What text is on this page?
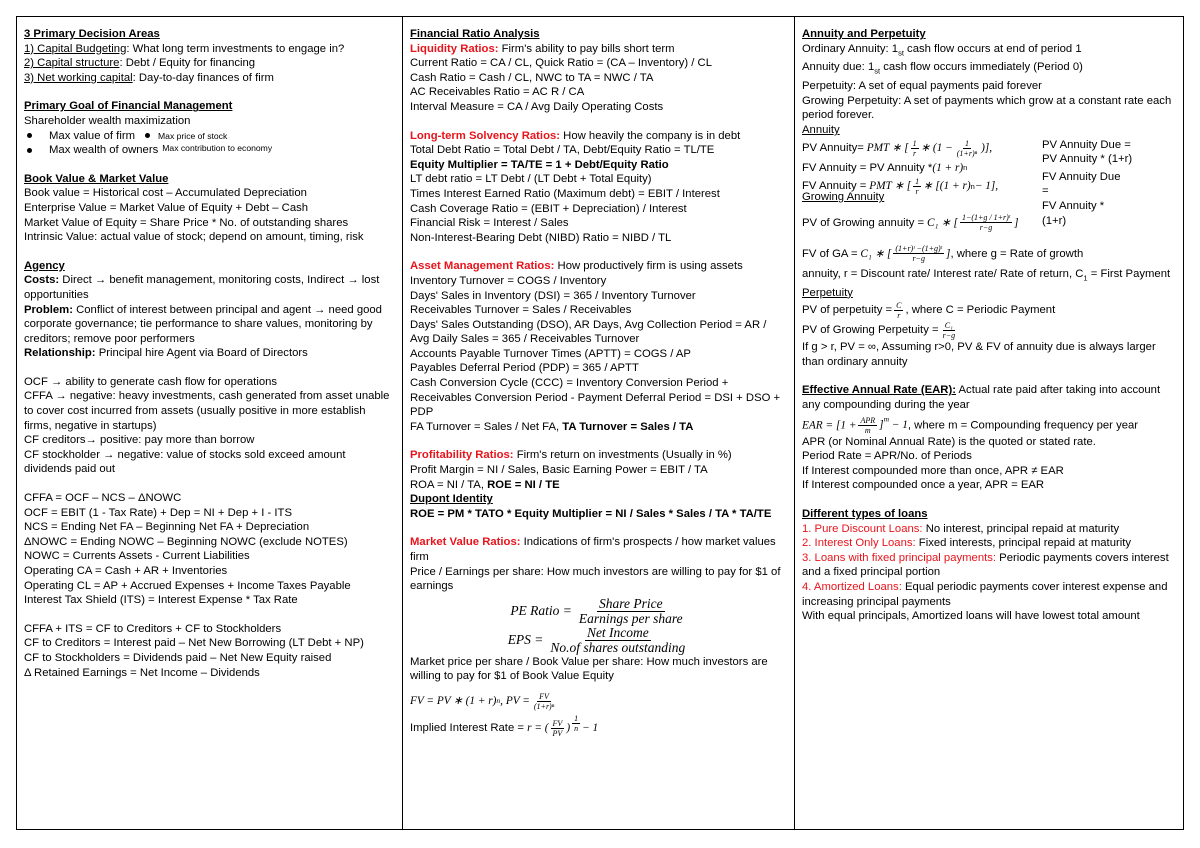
3 Primary Decision Areas
1) Capital Budgeting: What long term investments to engage in?
2) Capital structure: Debt / Equity for financing
3) Net working capital: Day-to-day finances of firm
Primary Goal of Financial Management
Shareholder wealth maximization
Max value of firm	Max price of stock
Max wealth of owners Max contribution to economy
Book Value & Market Value
Book value = Historical cost – Accumulated Depreciation
Enterprise Value = Market Value of Equity + Debt – Cash
Market Value of Equity = Share Price * No. of outstanding shares
Intrinsic Value: actual value of stock; depend on amount, timing, risk
Agency
Costs: Direct → benefit management, monitoring costs, Indirect → lost opportunities
Problem: Conflict of interest between principal and agent → need good corporate governance; tie performance to share values, monitoring by creditors; remove poor performers
Relationship: Principal hire Agent via Board of Directors
OCF → ability to generate cash flow for operations
CFFA → negative: heavy investments, cash generated from asset unable to cover cost incurred from assets (usually positive in more establish firms, negative in startups)
CF creditors→ positive: pay more than borrow
CF stockholder → negative: value of stocks sold exceed amount dividends paid out
CFFA = OCF – NCS – ΔNOWC
OCF = EBIT (1 - Tax Rate) + Dep = NI + Dep + I - ITS
NCS = Ending Net FA – Beginning Net FA + Depreciation
ΔNOWC = Ending NOWC – Beginning NOWC (exclude NOTES)
NOWC = Currents Assets - Current Liabilities
Operating CA = Cash + AR + Inventories
Operating CL = AP + Accrued Expenses + Income Taxes Payable
Interest Tax Shield (ITS) = Interest Expense * Tax Rate
CFFA + ITS = CF to Creditors + CF to Stockholders
CF to Creditors = Interest paid – Net New Borrowing (LT Debt + NP)
CF to Stockholders = Dividends paid – Net New Equity raised
Δ Retained Earnings = Net Income – Dividends
Financial Ratio Analysis
Liquidity Ratios: Firm's ability to pay bills short term
Current Ratio = CA / CL, Quick Ratio = (CA – Inventory) / CL
Cash Ratio = Cash / CL, NWC to TA = NWC / TA
AC Receivables Ratio = AC R / CA
Interval Measure = CA / Avg Daily Operating Costs
Long-term Solvency Ratios: How heavily the company is in debt
Total Debt Ratio = Total Debt / TA, Debt/Equity Ratio = TL/TE
Equity Multiplier = TA/TE = 1 + Debt/Equity Ratio
LT debt ratio = LT Debt / (LT Debt + Total Equity)
Times Interest Earned Ratio (Maximum debt) = EBIT / Interest
Cash Coverage Ratio = (EBIT + Depreciation) / Interest
Financial Risk = Interest / Sales
Non-Interest-Bearing Debt (NIBD) Ratio = NIBD / TL
Asset Management Ratios: How productively firm is using assets
Inventory Turnover = COGS / Inventory
Days' Sales in Inventory (DSI) = 365 / Inventory Turnover
Receivables Turnover = Sales / Receivables
Days' Sales Outstanding (DSO), AR Days, Avg Collection Period = AR / Avg Daily Sales = 365 / Receivables Turnover
Accounts Payable Turnover Times (APTT) = COGS / AP
Payables Deferral Period (PDP) = 365 / APTT
Cash Conversion Cycle (CCC) = Inventory Conversion Period + Receivables Conversion Period - Payment Deferral Period = DSI + DSO + PDP
FA Turnover = Sales / Net FA, TA Turnover = Sales / TA
Profitability Ratios: Firm's return on investments (Usually in %)
Profit Margin = NI / Sales, Basic Earning Power = EBIT / TA
ROA = NI / TA, ROE = NI / TE
Dupont Identity
ROE = PM * TATO * Equity Multiplier = NI / Sales * Sales / TA * TA/TE
Market Value Ratios: Indications of firm's prospects / how market values firm
Price / Earnings per share: How much investors are willing to pay for $1 of earnings
PE Ratio = $\frac{\text{Share Price}}{\text{Earnings per share}}$
EPS = $\frac{\text{Net Income}}{\text{No.of shares outstanding}}$
Market price per share / Book Value per share: How much investors are willing to pay for $1 of Book Value Equity
FV = PV ∗ (1 + r) n , PV = $\frac{FV}{\text{(1+r)ⁿ}}$
Implied Interest Rate =
r = ( $\frac{FV}{PV}$ ) $\frac{1}{n} - 1$
Annuity and Perpetuity
Ordinary Annuity: $1_{st}$ cash flow occurs at end of period 1
Annuity due: $1_{st}$ cash flow occurs immediately (Period 0)
Perpetuity: A set of equal payments paid forever
Growing Perpetuity: A set of payments which grow at a constant rate each period forever.
Annuity
PV Annuity= PMT ∗ [ $\frac{1}{r}$ ∗ ($1 - \frac{1}{\text{(1+r)ⁿ}}$ )],
FV Annuity = PV Annuity * (1 + r) n
FV Annuity = PMT ∗ [ $\frac{1}{r}$ ∗ [(1 + r) n − 1],
PV Annuity Due =
PV Annuity * (1+r)
FV Annuity Due
=
FV Annuity *
(1+r)
Growing Annuity
PV of Growing annuity = C₁ ∗ [ $\frac{\text{1−(1+g / 1+r)ᵗ}}{r-g}$ ]
FV of GA = C₁ ∗ [ $\frac{\text{(1+r)ᵗ −(1+g)ᵗ}}{r-g}$ ] , where g = Rate of growth
annuity, r = Discount rate/ Interest rate/ Rate of return, $C_1$ = First Payment
Perpetuity
PV of perpetuity = $\frac{C}{r}$ , where C = Periodic Payment
PV of Growing Perpetuity = $\frac{\text{C₁}}{r-g}$
If g > r, PV = ∞, Assuming r>0, PV & FV of annuity due is always larger than ordinary annuity
Effective Annual Rate (EAR): Actual rate paid after taking into account any compounding during the year
EAR = $[1 + \frac{\text{APR}}{m} ]^m - 1$, where m = Compounding frequency per year
APR (or Nominal Annual Rate) is the quoted or stated rate.
Period Rate = APR/No. of Periods
If Interest compounded more than once, APR ≠ EAR
If Interest compounded once a year, APR = EAR
Different types of loans
1. Pure Discount Loans: No interest, principal repaid at maturity
2. Interest Only Loans: Fixed interests, principal repaid at maturity
3. Loans with fixed principal payments: Periodic payments covers interest and a fixed principal portion
4. Amortized Loans: Equal periodic payments cover interest expense and increasing principal payments
With equal principals, Amortized loans will have lowest total amount
